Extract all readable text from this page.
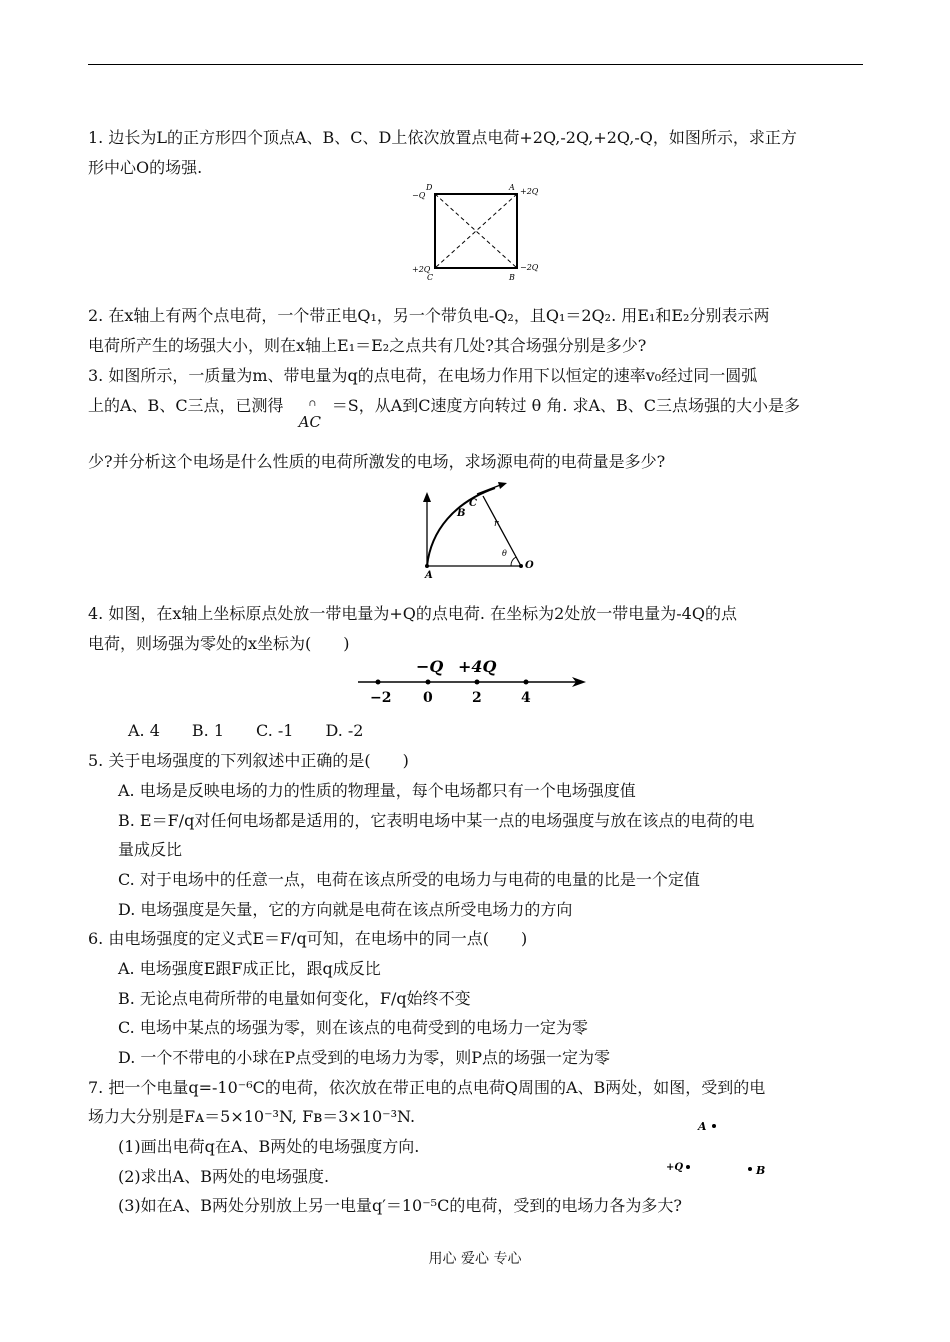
1. 边长为L的正方形四个顶点A、B、C、D上依次放置点电荷+2Q,-2Q,+2Q,-Q，如图所示，求正方
形中心O的场强.
−Q
D	A +2Q
+2Q
C	B
−2Q
2. 在x轴上有两个点电荷，一个带正电Q₁，另一个带负电-Q₂，且Q₁＝2Q₂. 用E₁和E₂分别表示两
电荷所产生的场强大小，则在x轴上E₁＝E₂之点共有几处?其合场强分别是多少?
3. 如图所示，一质量为m、带电量为q的点电荷，在电场力作用下以恒定的速率v₀经过同一圆弧
上的A、B、C三点，已测得	∩
AC
＝S，从A到C速度方向转过 θ 角. 求A、B、C三点场强的大小是多
少?并分析这个电场是什么性质的电荷所激发的电场，求场源电荷的电荷量是多少?
A
B
C
O
r
θ
4. 如图，在x轴上坐标原点处放一带电量为+Q的点电荷. 在坐标为2处放一带电量为-4Q的点
电荷，则场强为零处的x坐标为(　　)
−Q +4Q
−2 0	2	4
A. 4　　B. 1　　C. -1　　D. -2
5. 关于电场强度的下列叙述中正确的是(　　)
A. 电场是反映电场的力的性质的物理量，每个电场都只有一个电场强度值
B. E＝F/q对任何电场都是适用的，它表明电场中某一点的电场强度与放在该点的电荷的电
量成反比
C. 对于电场中的任意一点，电荷在该点所受的电场力与电荷的电量的比是一个定值
D. 电场强度是矢量，它的方向就是电荷在该点所受电场力的方向
6. 由电场强度的定义式E＝F/q可知，在电场中的同一点(　　)
A. 电场强度E跟F成正比，跟q成反比
B. 无论点电荷所带的电量如何变化，F/q始终不变
C. 电场中某点的场强为零，则在该点的电荷受到的电场力一定为零
D. 一个不带电的小球在P点受到的电场力为零，则P点的场强一定为零
7. 把一个电量q=-10⁻⁶C的电荷，依次放在带正电的点电荷Q周围的A、B两处，如图，受到的电
场力大分别是Fᴀ＝5×10⁻³N, Fʙ＝3×10⁻³N.
(1)画出电荷q在A、B两处的电场强度方向.
(2)求出A、B两处的电场强度.
(3)如在A、B两处分别放上另一电量q′＝10⁻⁵C的电荷，受到的电场力各为多大?
A
+Q	B
用心 爱心 专心
